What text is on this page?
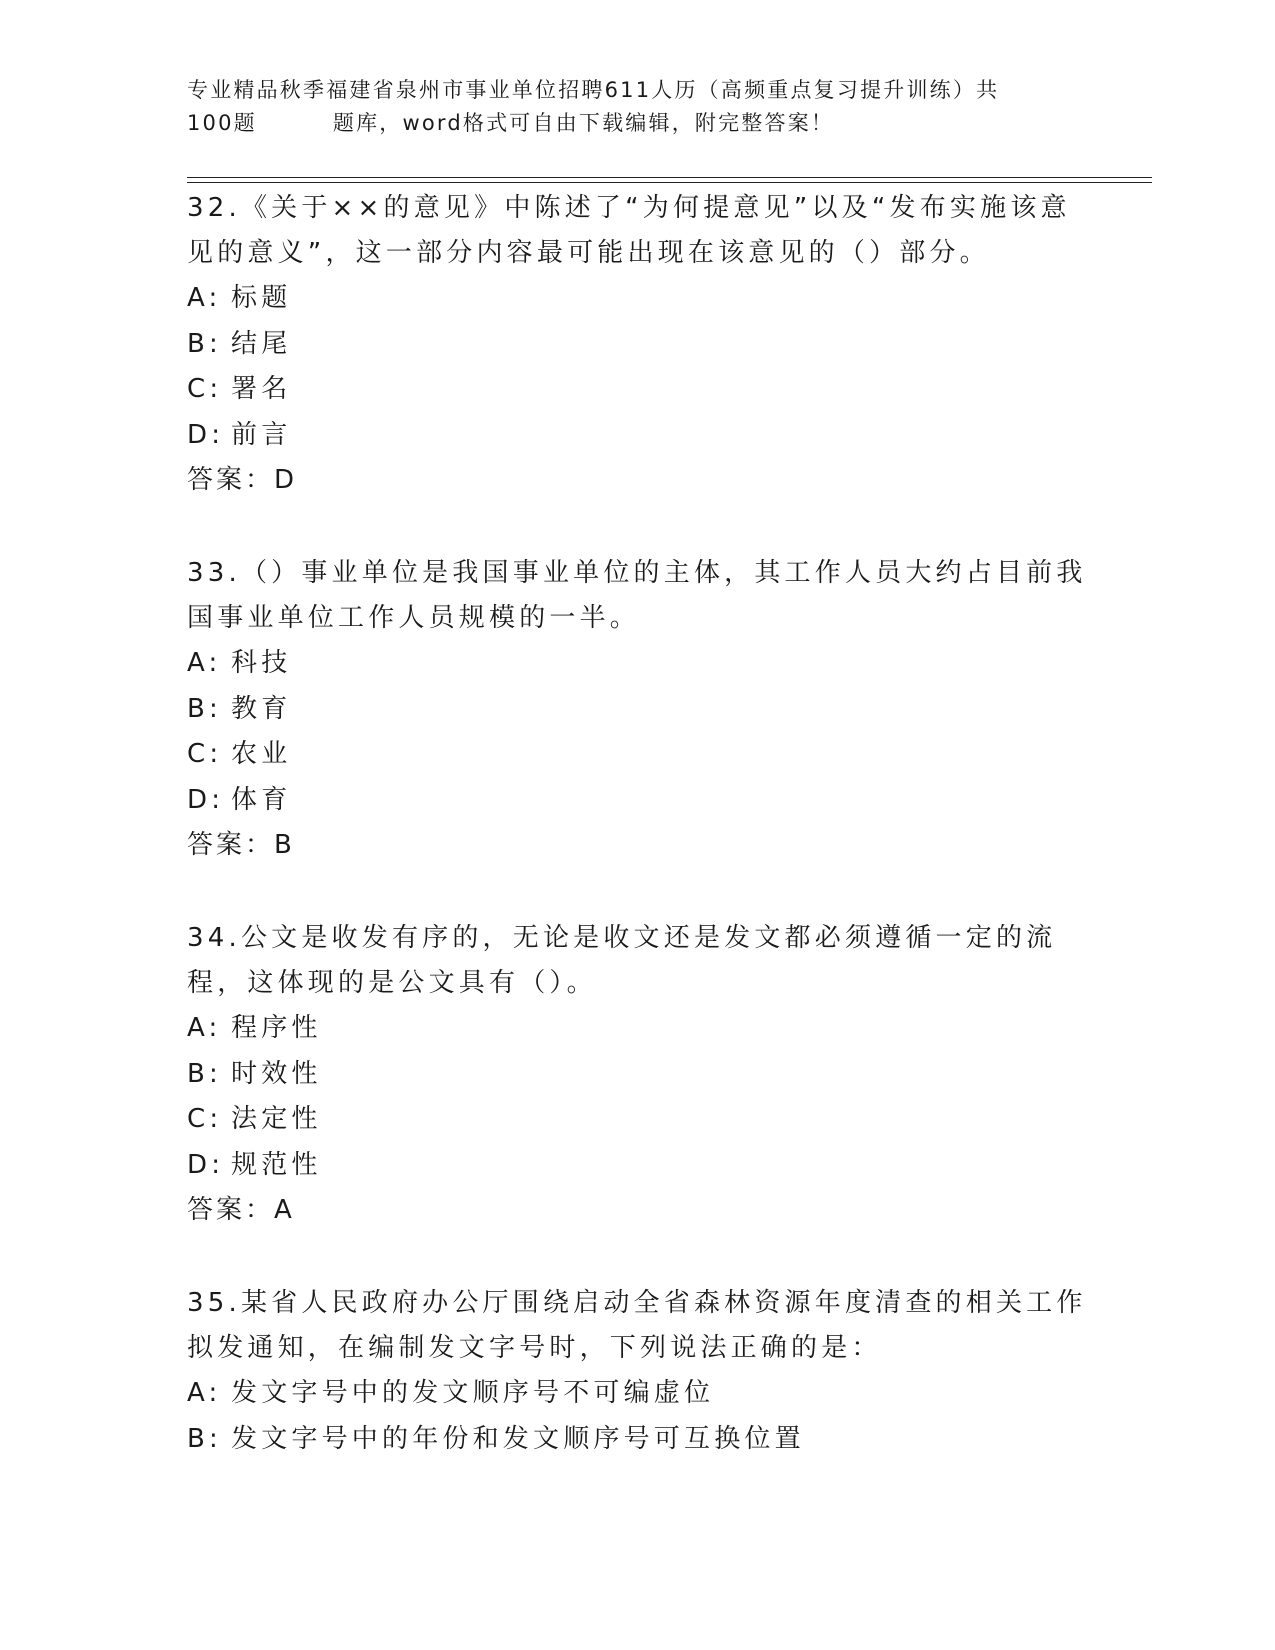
专业精品秋季福建省泉州市事业单位招聘611人历（高频重点复习提升训练）共
100题	题库，word格式可自由下载编辑，附完整答案！
32.《关于××的意见》中陈述了“为何提意见”以及“发布实施该意见的意义”，这一部分内容最可能出现在该意见的（）部分。
A: 标题
B: 结尾
C: 署名
D: 前言
答案：D
33.（）事业单位是我国事业单位的主体，其工作人员大约占目前我国事业单位工作人员规模的一半。
A: 科技
B: 教育
C: 农业
D: 体育
答案：B
34.公文是收发有序的，无论是收文还是发文都必须遵循一定的流程，这体现的是公文具有（）。
A: 程序性
B: 时效性
C: 法定性
D: 规范性
答案：A
35.某省人民政府办公厅围绕启动全省森林资源年度清查的相关工作拟发通知，在编制发文字号时，下列说法正确的是：
A: 发文字号中的发文顺序号不可编虚位
B: 发文字号中的年份和发文顺序号可互换位置
